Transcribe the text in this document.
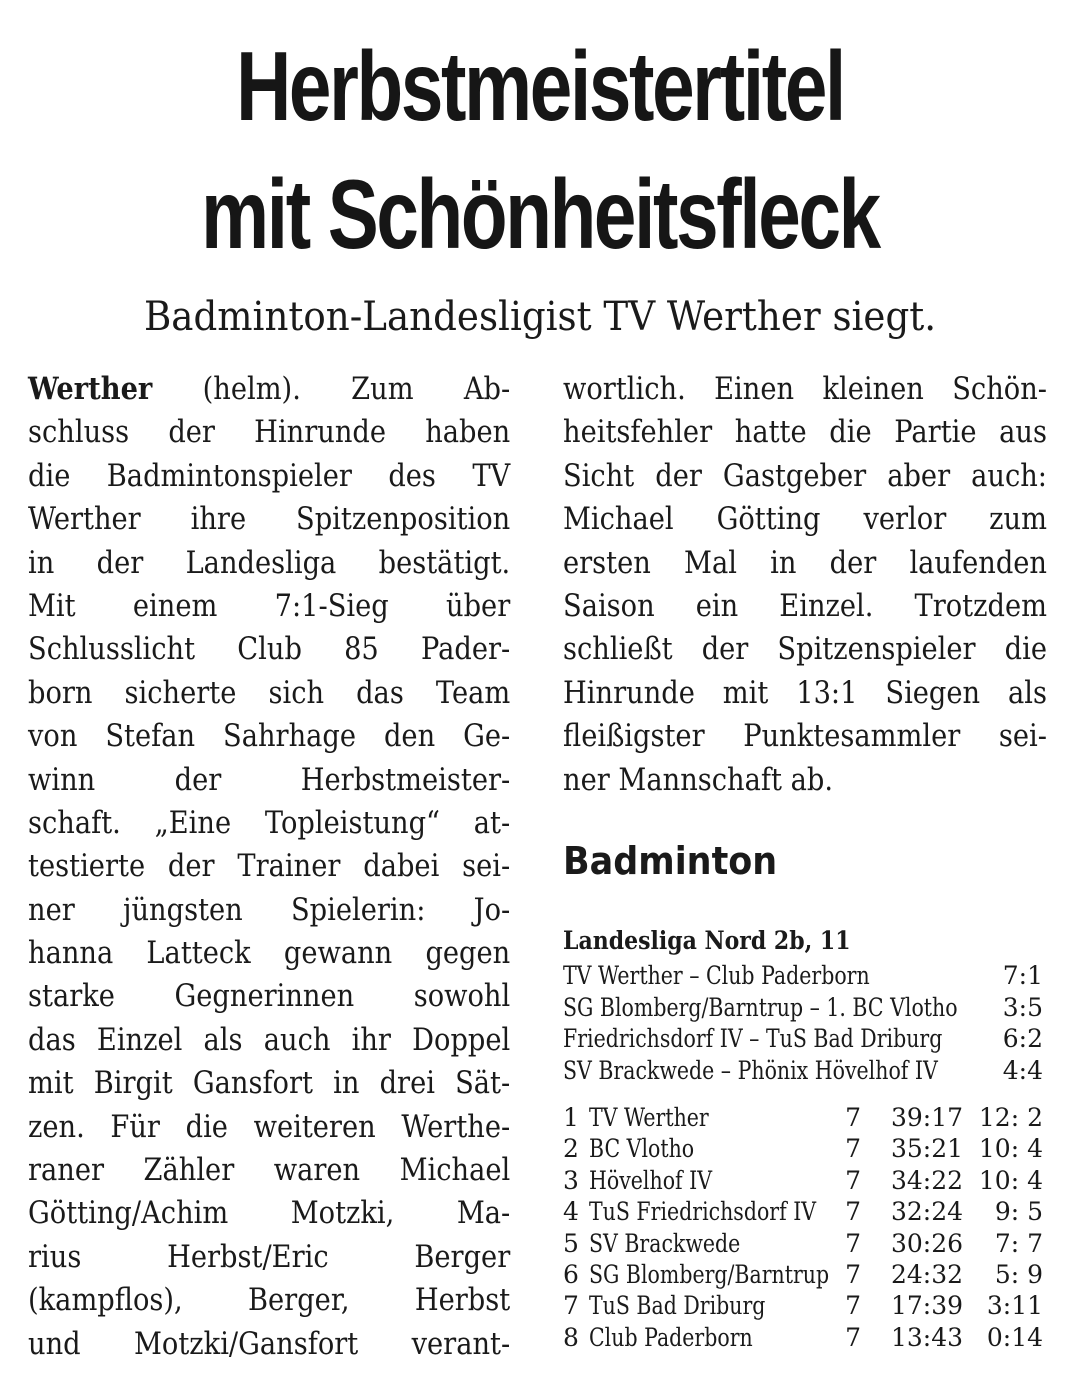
Herbstmeistertitel
mit Schönheitsfleck
Badminton-Landesligist TV Werther siegt.
Werther (helm). Zum Ab-
schluss der Hinrunde haben
die Badmintonspieler des TV
Werther ihre Spitzenposition
in der Landesliga bestätigt.
Mit einem 7:1-Sieg über
Schlusslicht Club 85 Pader-
born sicherte sich das Team
von Stefan Sahrhage den Ge-
winn der Herbstmeister-
schaft. „Eine Topleistung“ at-
testierte der Trainer dabei sei-
ner jüngsten Spielerin: Jo-
hanna Latteck gewann gegen
starke Gegnerinnen sowohl
das Einzel als auch ihr Doppel
mit Birgit Gansfort in drei Sät-
zen. Für die weiteren Werthe-
raner Zähler waren Michael
Götting/Achim Motzki, Ma-
rius Herbst/Eric Berger
(kampflos), Berger, Herbst
und Motzki/Gansfort verant-
wortlich. Einen kleinen Schön-
heitsfehler hatte die Partie aus
Sicht der Gastgeber aber auch:
Michael Götting verlor zum
ersten Mal in der laufenden
Saison ein Einzel. Trotzdem
schließt der Spitzenspieler die
Hinrunde mit 13:1 Siegen als
fleißigster Punktesammler sei-
ner Mannschaft ab.
Badminton
Landesliga Nord 2b, 11
TV Werther – Club Paderborn	7:1
SG Blomberg/Barntrup – 1. BC Vlotho 3:5
Friedrichsdorf IV – TuS Bad Driburg 6:2
SV Brackwede – Phönix Hövelhof IV	4:4
1 TV Werther	7	39:17 12: 2
2 BC Vlotho	7	35:21 10: 4
3 Hövelhof IV	7	34:22 10: 4
4 TuS Friedrichsdorf IV 7	32:24	9: 5
5 SV Brackwede	7	30:26	7: 7
6 SG Blomberg/Barntrup 7	24:32	5: 9
7 TuS Bad Driburg	7	17:39 3:11
8 Club Paderborn	7	13:43 0:14
